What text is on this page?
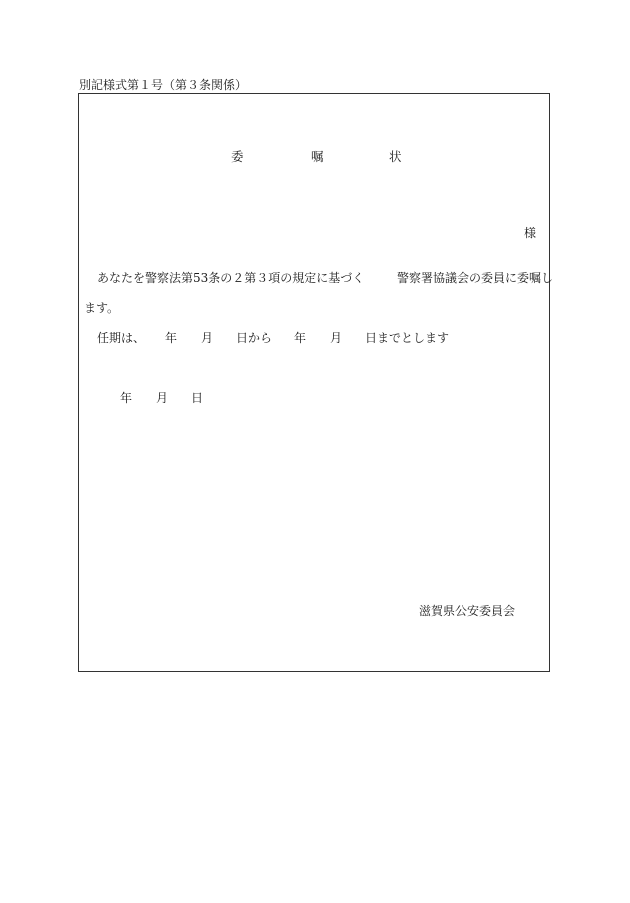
別記様式第１号（第３条関係）
委	嘱	状
様
あなたを警察法第53条の２第３項の規定に基づく	警察署協議会の委員に委嘱し
ます。
任期は、 年 月 日から 年 月 日までとします
年 月 日
滋賀県公安委員会
